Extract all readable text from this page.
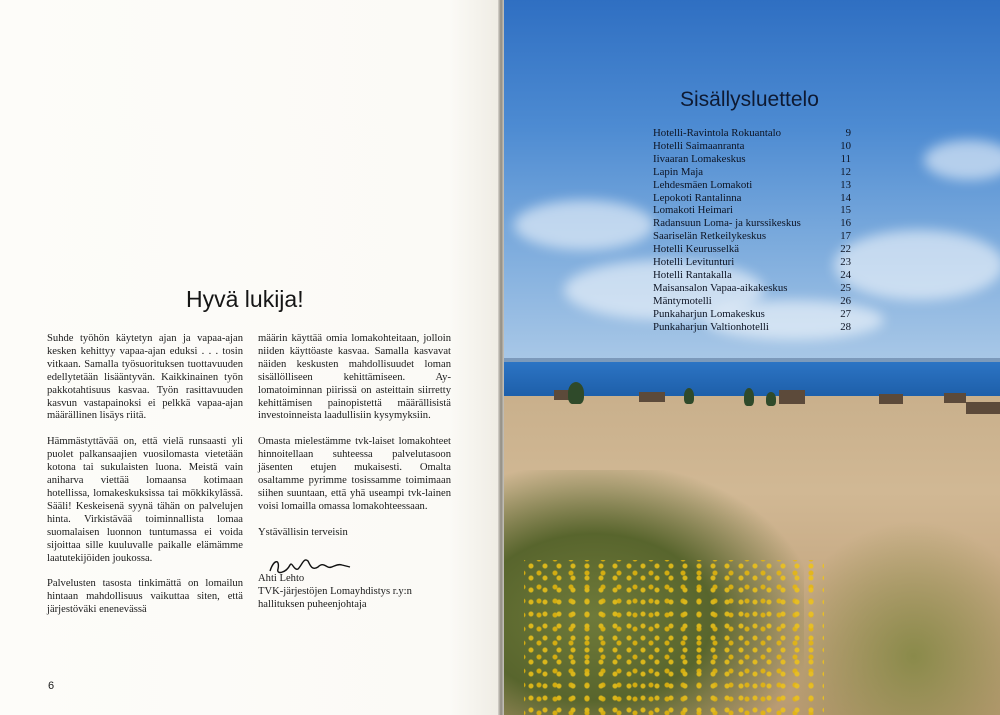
Hyvä lukija!

Suhde työhön käytetyn ajan ja vapaa-ajan kesken kehittyy vapaa-ajan eduksi . . . tosin vitkaan. Samalla työsuorituksen tuottavuuden edellytetään lisääntyvän. Kaikkinainen työn pakkotahtisuus kasvaa. Työn rasittavuuden kasvun vastapainoksi ei pelkkä vapaa-ajan määrällinen lisäys riitä.

Hämmästyttävää on, että vielä runsaasti yli puolet palkansaajien vuosilomasta vietetään kotona tai sukulaisten luona. Meistä vain aniharva viettää lomaansa kotimaan hotellissa, lomakeskuksissa tai mökkikylässä. Sääli! Keskeisenä syynä tähän on palvelujen hinta. Virkistävää toiminnallista lomaa suomalaisen luonnon tuntumassa ei voida sijoittaa sille kuuluvalle paikalle elämämme laatutekijöiden joukossa.

Palvelusten tasosta tinkimättä on lomailun hintaan mahdollisuus vaikuttaa siten, että järjestöväki enenevässä

määrin käyttää omia lomakohteitaan, jolloin niiden käyttöaste kasvaa. Samalla kasvavat näiden keskusten mahdollisuudet loman sisällölliseen kehittämiseen. Ay-lomatoiminnan piirissä on asteittain siirretty kehittämisen painopistettä määrällisistä investoinneista laadullisiin kysymyksiin.

Omasta mielestämme tvk-laiset lomakohteet hinnoitellaan suhteessa palvelutasoon jäsenten etujen mukaisesti. Omalta osaltamme pyrimme tosissamme toimimaan siihen suuntaan, että yhä useampi tvk-lainen voisi lomailla omassa lomakohteessaan.

Ystävällisin terveisin

Ahti Lehto
TVK-järjestöjen Lomayhdistys r.y:n
hallituksen puheenjohtaja
6
Sisällysluettelo
Hotelli-Ravintola Rokuantalo	9
Hotelli Saimaanranta	10
Iivaaran Lomakeskus	11
Lapin Maja	12
Lehdesmäen Lomakoti	13
Lepokoti Rantalinna	14
Lomakoti Heimari	15
Radansuun Loma- ja kurssikeskus	16
Saariselän Retkeilykeskus	17
Hotelli Keurusselkä	22
Hotelli Levitunturi	23
Hotelli Rantakalla	24
Maisansalon Vapaa-aikakeskus	25
Mäntymotelli	26
Punkaharjun Lomakeskus	27
Punkaharjun Valtionhotelli	28
